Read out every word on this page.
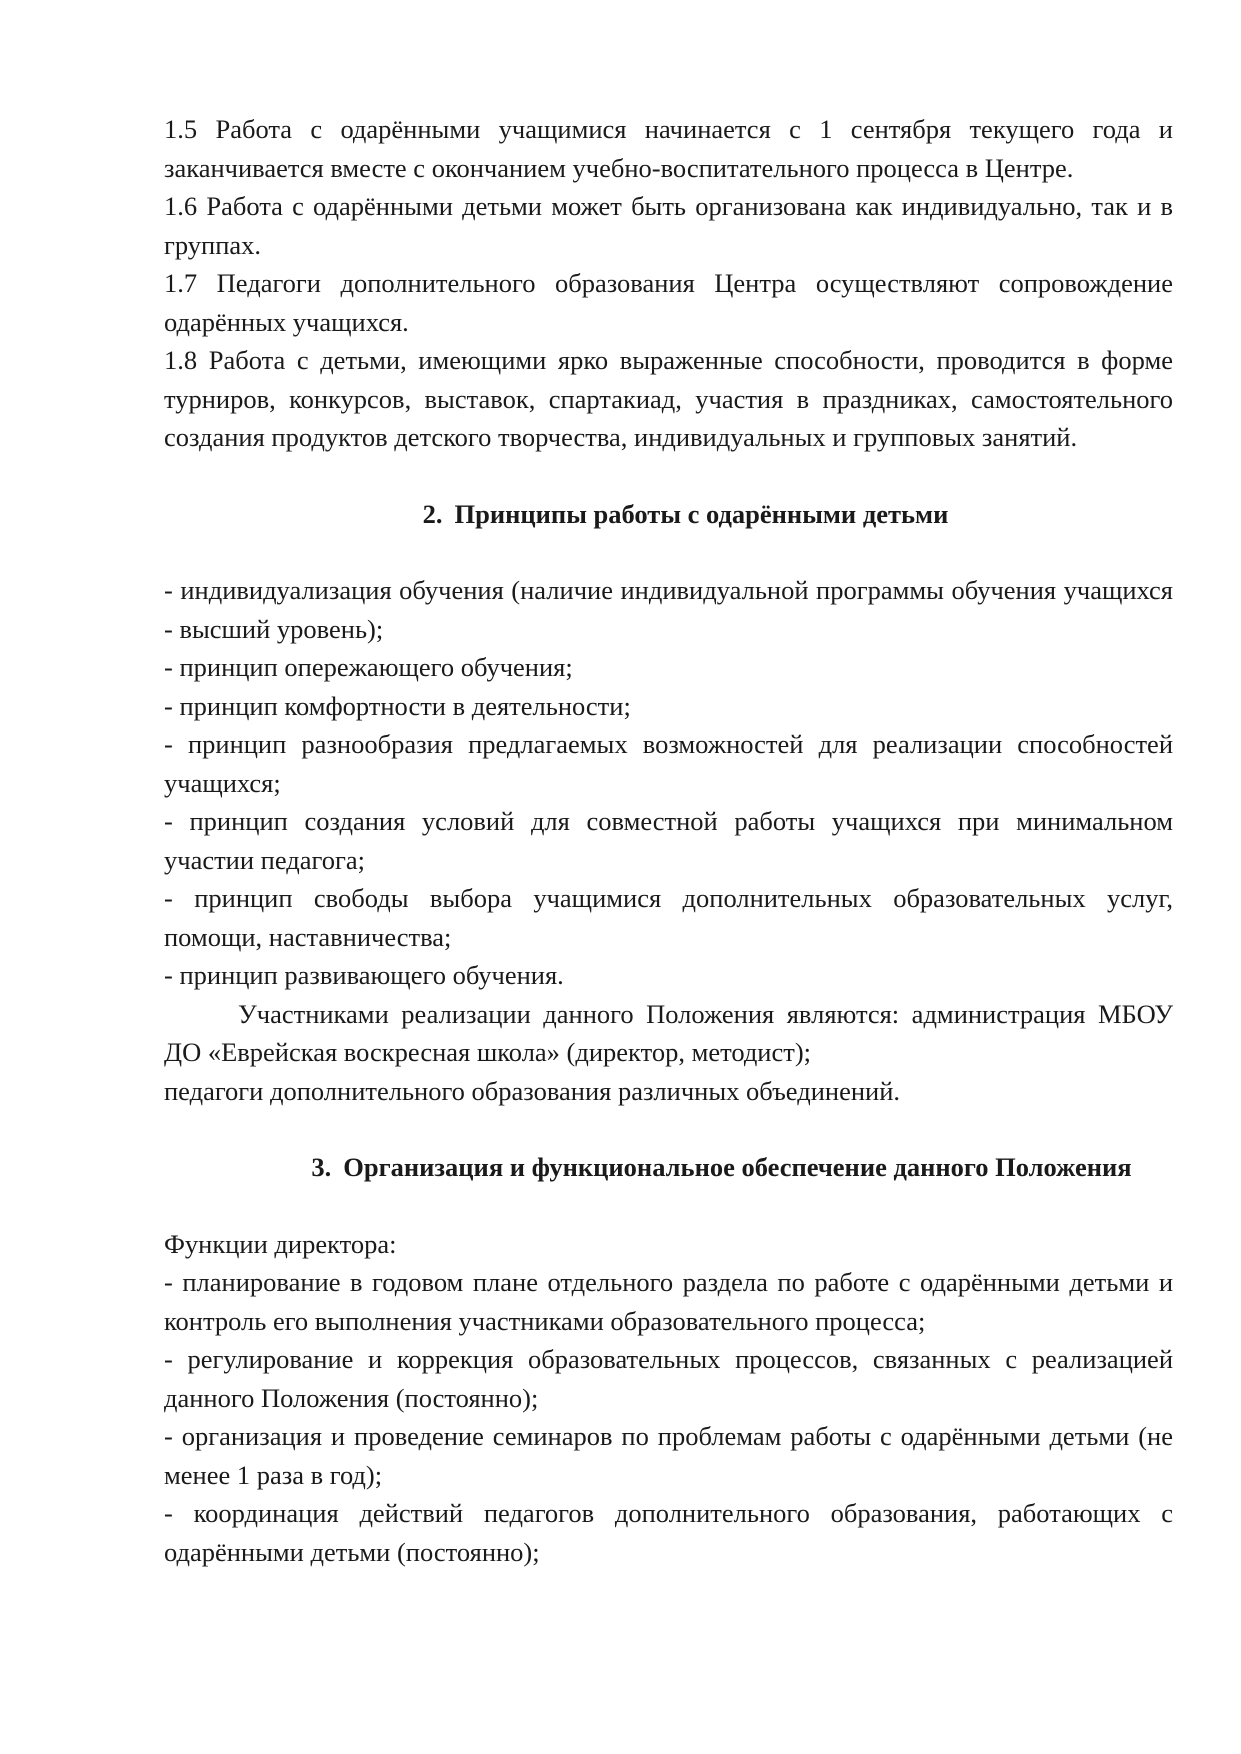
1.5 Работа с одарёнными учащимися начинается с 1 сентября текущего года и заканчивается вместе с окончанием учебно-воспитательного процесса в Центре.

1.6 Работа с одарёнными детьми может быть организована как индивидуально, так и в группах.

1.7 Педагоги дополнительного образования Центра осуществляют сопровождение одарённых учащихся.

1.8 Работа с детьми, имеющими ярко выраженные способности, проводится в форме турниров, конкурсов, выставок, спартакиад, участия в праздниках, самостоятельного создания продуктов детского творчества, индивидуальных и групповых занятий.

2. Принципы работы с одарёнными детьми

- индивидуализация обучения (наличие индивидуальной программы обучения учащихся - высший уровень);

- принцип опережающего обучения;

- принцип комфортности в деятельности;

- принцип разнообразия предлагаемых возможностей для реализации способностей учащихся;

- принцип создания условий для совместной работы учащихся при минимальном участии педагога;

- принцип свободы выбора учащимися дополнительных образовательных услуг, помощи, наставничества;

- принцип развивающего обучения.

Участниками реализации данного Положения являются: администрация МБОУ ДО «Еврейская воскресная школа» (директор, методист);

педагоги дополнительного образования различных объединений.

3. Организация и функциональное обеспечение данного Положения

Функции директора:

- планирование в годовом плане отдельного раздела по работе с одарёнными детьми и контроль его выполнения участниками образовательного процесса;

- регулирование и коррекция образовательных процессов, связанных с реализацией данного Положения (постоянно);

- организация и проведение семинаров по проблемам работы с одарёнными детьми (не менее 1 раза в год);

- координация действий педагогов дополнительного образования, работающих с одарёнными детьми (постоянно);
